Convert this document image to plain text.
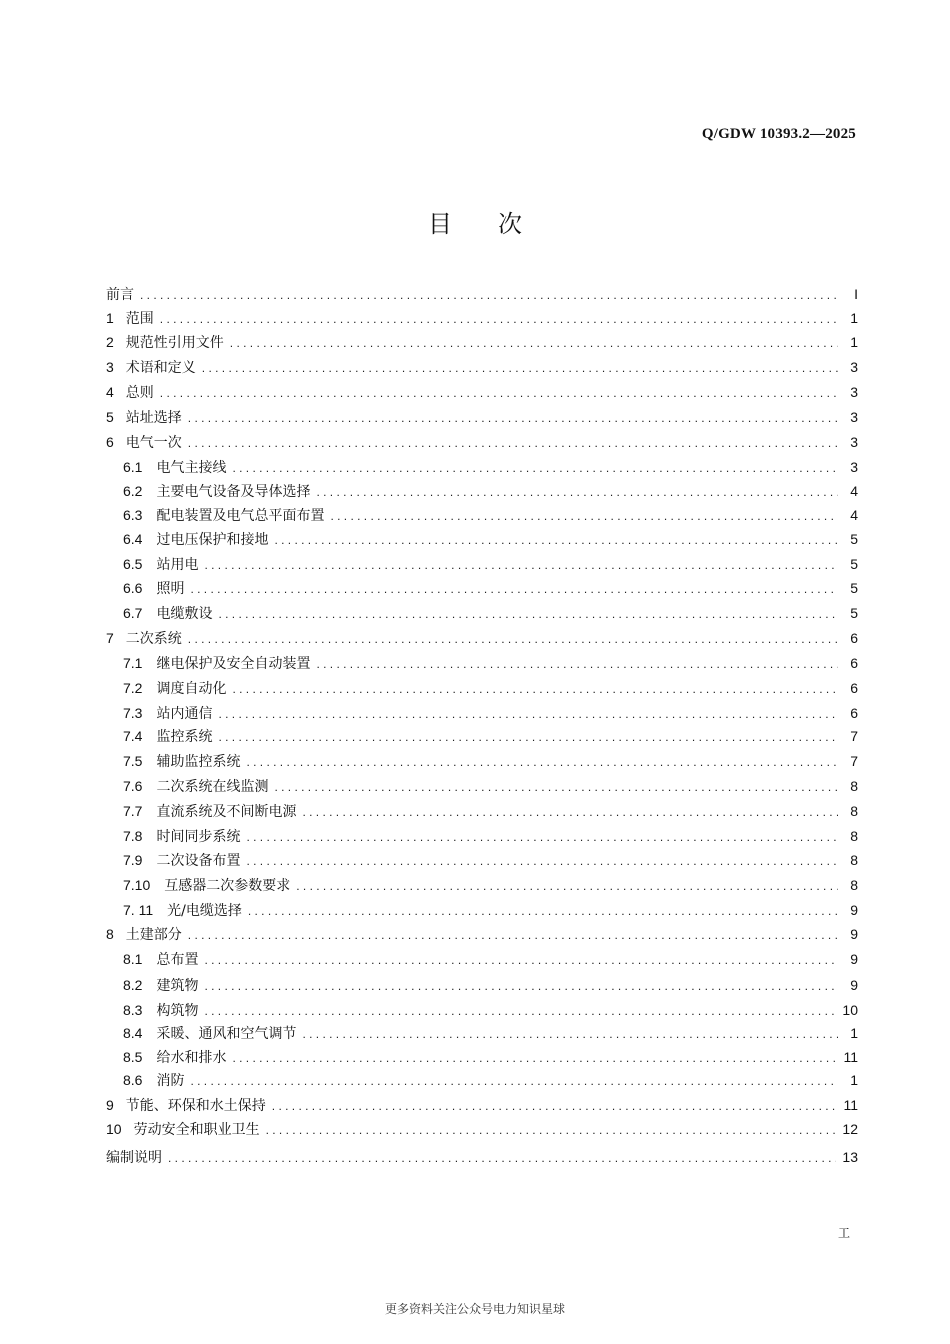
Q/GDW 10393.2—2025
目次
前言 . . .	I
1 范围 . . .	1
2 规范性引用文件 . . .	1
3 术语和定义 . . .	3
4 总则 . . .	3
5 站址选择 . . .	3
6 电气一次 . . .	3
6.1 电气主接线 . . .	3
6.2 主要电气设备及导体选择 . . .	4
6.3 配电装置及电气总平面布置 . . .	4
6.4 过电压保护和接地 . . .	5
6.5 站用电 . . .	5
6.6 照明 . . .	5
6.7 电缆敷设 . . .	5
7 二次系统 . . .	6
7.1 继电保护及安全自动装置 . . .	6
7.2 调度自动化 . . .	6
7.3 站内通信 . . .	6
7.4 监控系统 . . .	7
7.5 辅助监控系统 . . .	7
7.6 二次系统在线监测 . . .	8
7.7 直流系统及不间断电源 . . .	8
7.8 时间同步系统 . . .	8
7.9 二次设备布置 . . .	8
7.10 互感器二次参数要求 . . .	8
7. 11 光/电缆选择 . . .	9
8 土建部分 . . .	9
8.1 总布置 . . .	9
8.2 建筑物 . . .	9
8.3 构筑物 . . .	10
8.4 采暖、通风和空气调节 . . .	1
8.5 给水和排水 . . .	11
8.6 消防 . . .	1
9 节能、环保和水土保持 . . .	11
10 劳动安全和职业卫生 . . .	12
编制说明 . . .	13
工
更多资料关注公众号电力知识星球
